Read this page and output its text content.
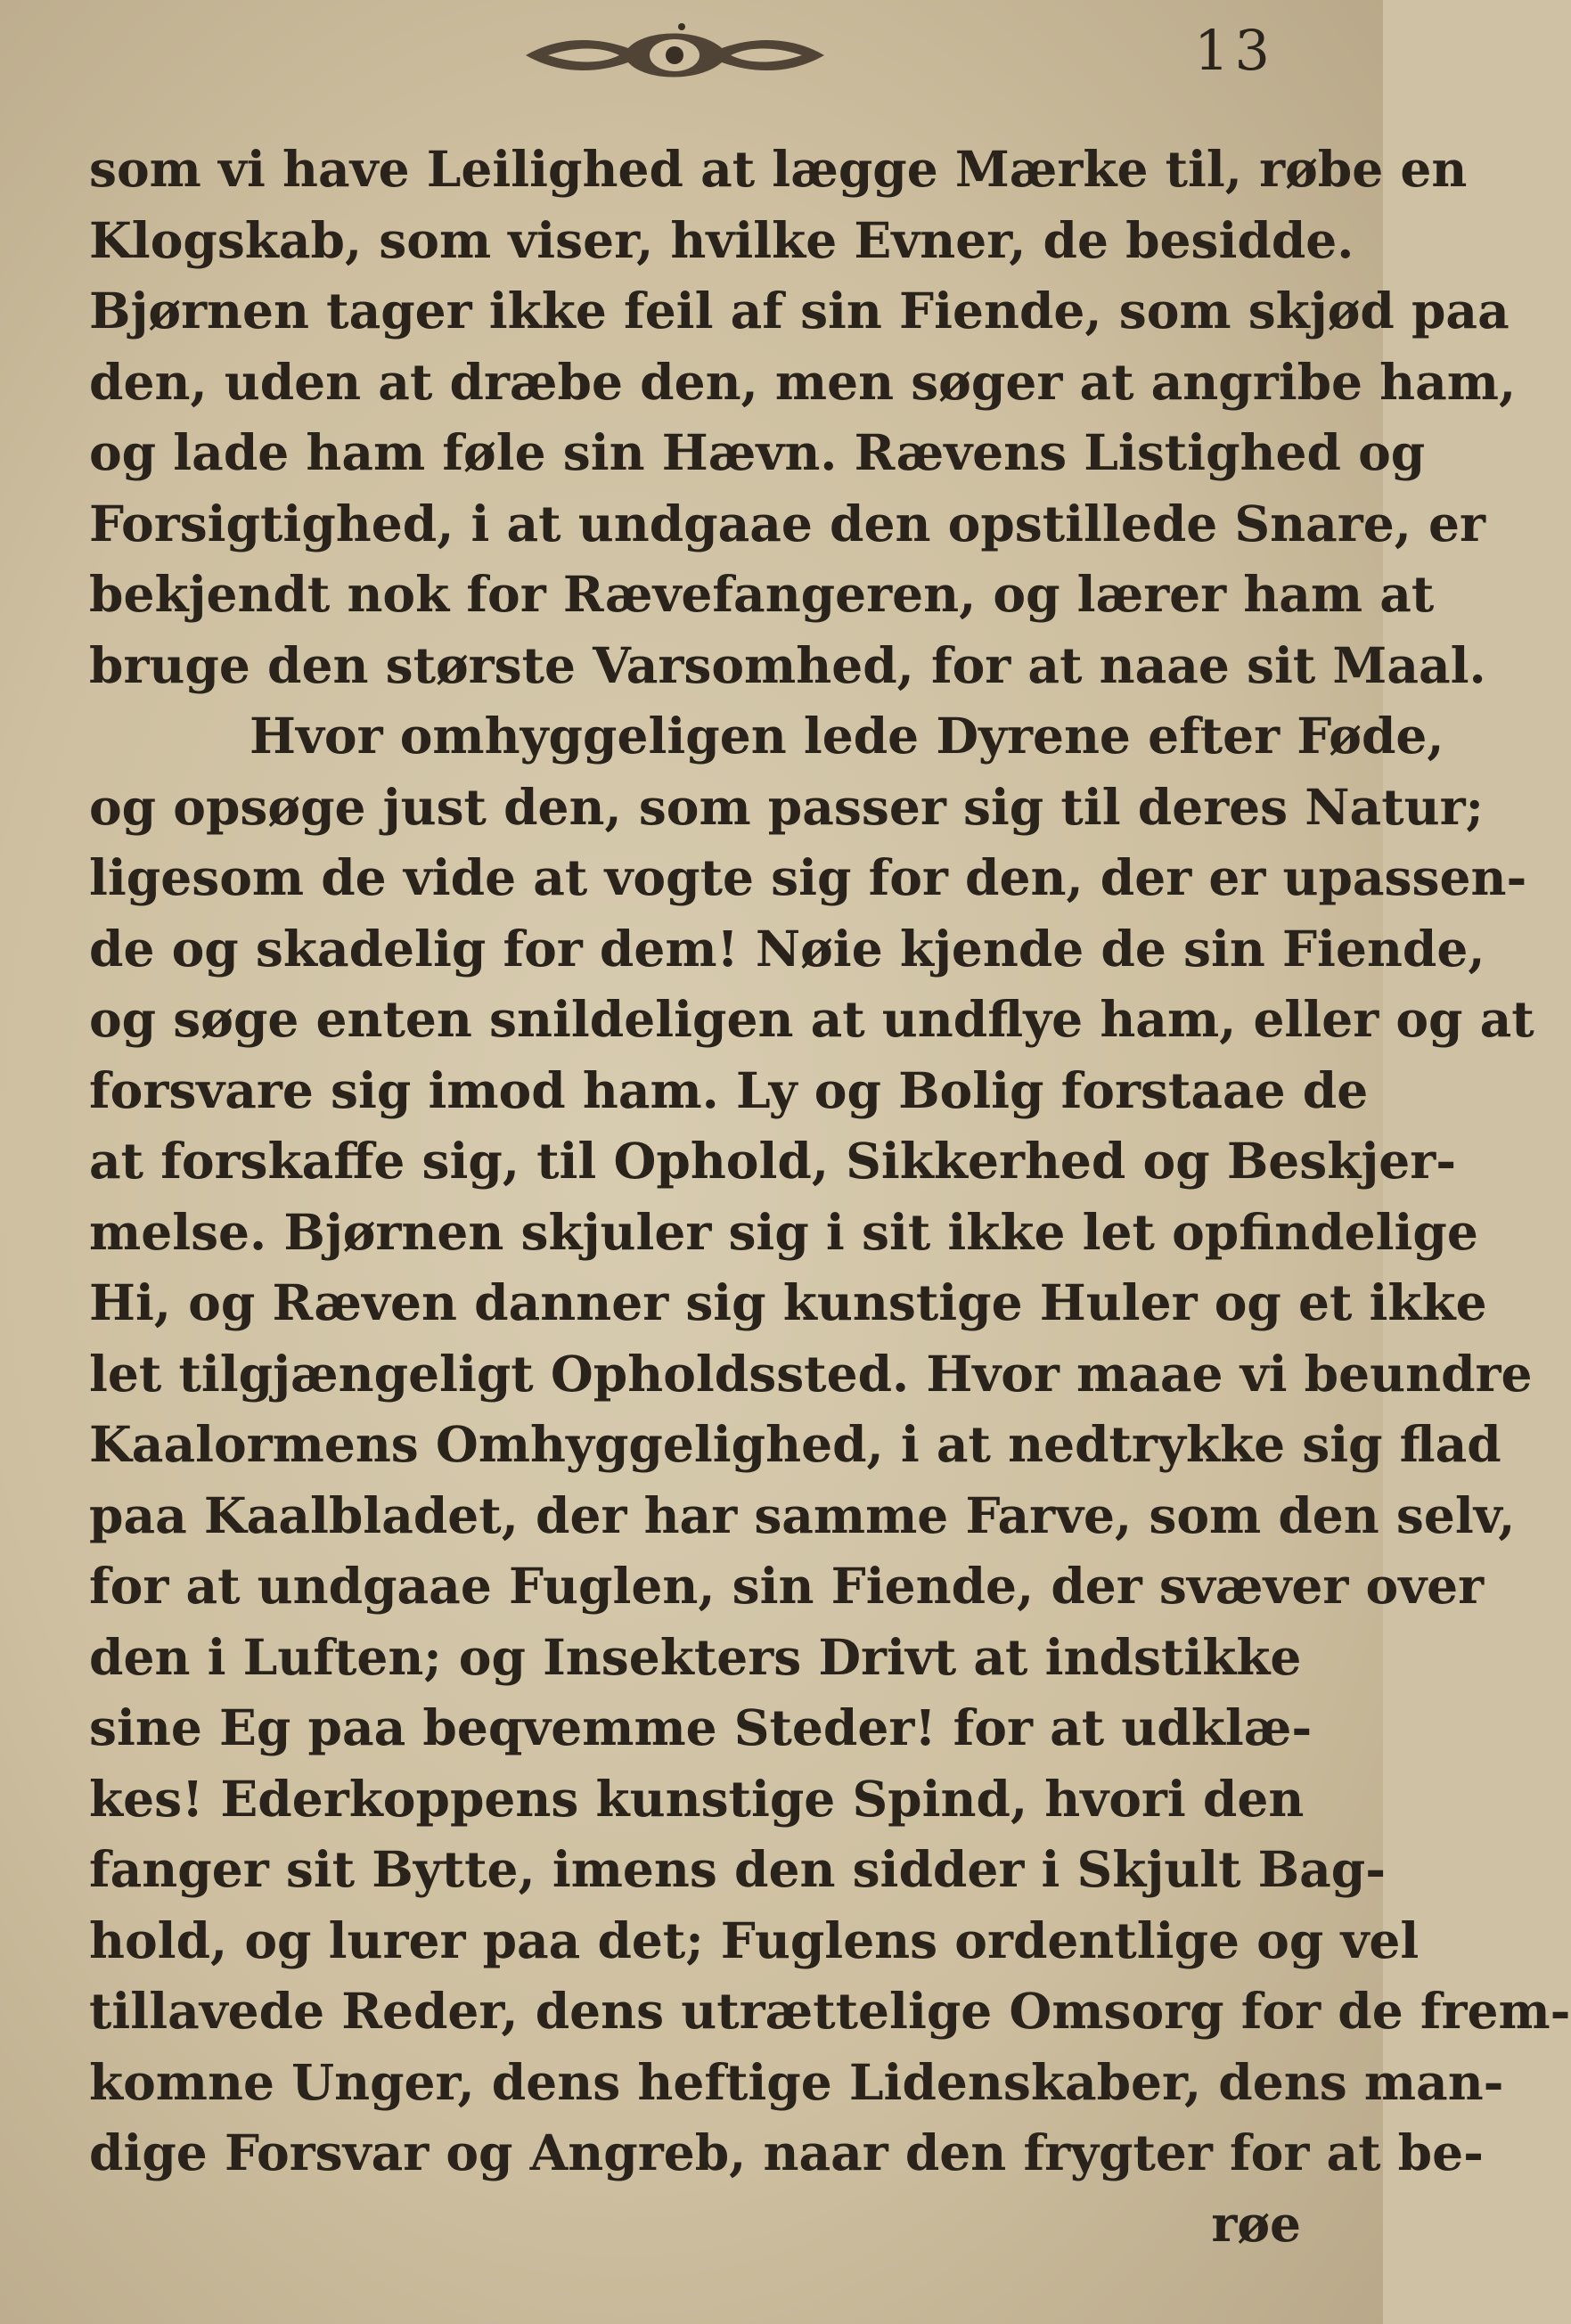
13
som vi have Leilighed at lægge Mærke til, røbe en
Klogskab, som viser, hvilke Evner, de besidde.
Bjørnen tager ikke feil af sin Fiende, som skjød paa
den, uden at dræbe den, men søger at angribe ham,
og lade ham føle sin Hævn. Rævens Listighed og
Forsigtighed, i at undgaae den opstillede Snare, er
bekjendt nok for Rævefangeren, og lærer ham at
bruge den største Varsomhed, for at naae sit Maal.
Hvor omhyggeligen lede Dyrene efter Føde,
og opsøge just den, som passer sig til deres Natur;
ligesom de vide at vogte sig for den, der er upassen-
de og skadelig for dem! Nøie kjende de sin Fiende,
og søge enten snildeligen at undflye ham, eller og at
forsvare sig imod ham. Ly og Bolig forstaae de
at forskaffe sig, til Ophold, Sikkerhed og Beskjer-
melse. Bjørnen skjuler sig i sit ikke let opfindelige
Hi, og Ræven danner sig kunstige Huler og et ikke
let tilgjængeligt Opholdssted. Hvor maae vi beundre
Kaalormens Omhyggelighed, i at nedtrykke sig flad
paa Kaalbladet, der har samme Farve, som den selv,
for at undgaae Fuglen, sin Fiende, der svæver over
den i Luften; og Insekters Drivt at indstikke
sine Eg paa beqvemme Steder! for at udklæ-
kes! Ederkoppens kunstige Spind, hvori den
fanger sit Bytte, imens den sidder i Skjult Bag-
hold, og lurer paa det; Fuglens ordentlige og vel
tillavede Reder, dens utrættelige Omsorg for de frem-
komne Unger, dens heftige Lidenskaber, dens man-
dige Forsvar og Angreb, naar den frygter for at be-
røe
